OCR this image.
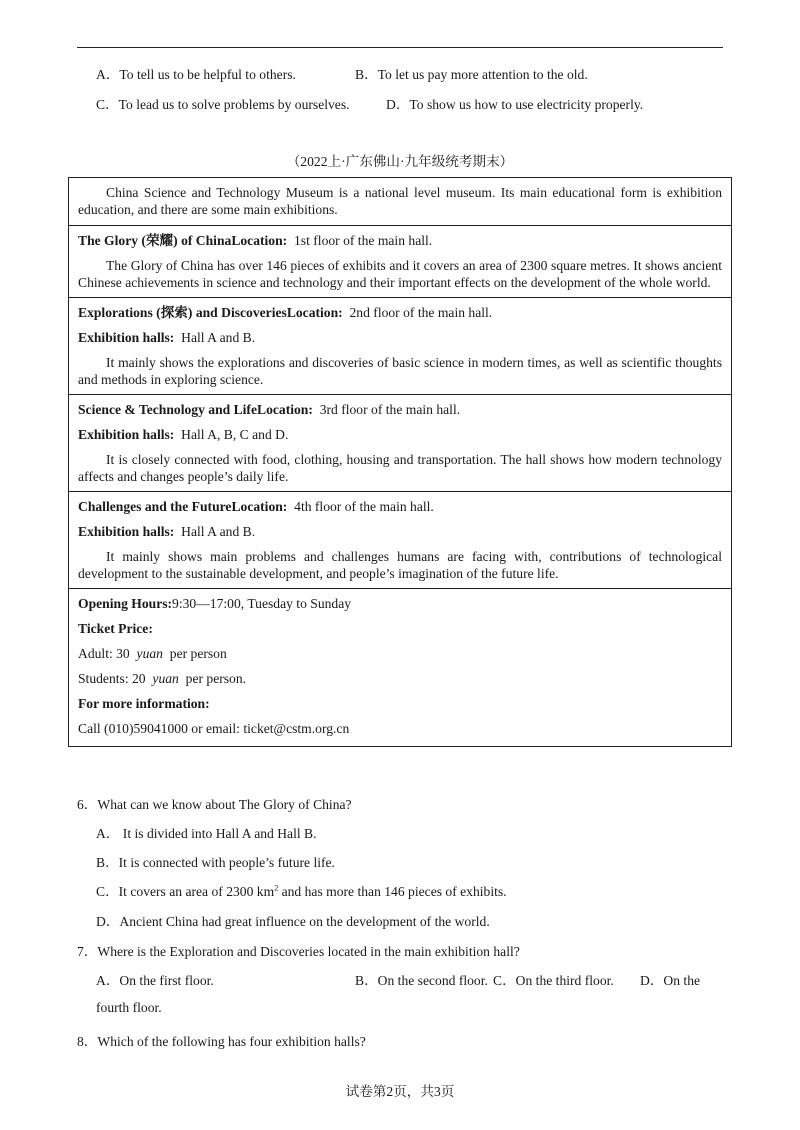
A．To tell us to be helpful to others.	B．To let us pay more attention to the old.
C．To lead us to solve problems by ourselves.	D．To show us how to use electricity properly.
（2022上·广东佛山·九年级统考期末）
China Science and Technology Museum is a national level museum. Its main educational form is exhibition education, and there are some main exhibitions.

The Glory (荣耀) of ChinaLocation: 1st floor of the main hall.
The Glory of China has over 146 pieces of exhibits and it covers an area of 2300 square metres. It shows ancient Chinese achievements in science and technology and their important effects on the development of the whole world.

Explorations (探索) and DiscoveriesLocation: 2nd floor of the main hall.
Exhibition halls: Hall A and B.
It mainly shows the explorations and discoveries of basic science in modern times, as well as scientific thoughts and methods in exploring science.

Science & Technology and LifeLocation: 3rd floor of the main hall.
Exhibition halls: Hall A, B, C and D.
It is closely connected with food, clothing, housing and transportation. The hall shows how modern technology affects and changes people’s daily life.

Challenges and the FutureLocation: 4th floor of the main hall.
Exhibition halls: Hall A and B.
It mainly shows main problems and challenges humans are facing with, contributions of technological development to the sustainable development, and people’s imagination of the future life.

Opening Hours:9:30—17:00, Tuesday to Sunday
Ticket Price:
Adult: 30 yuan per person
Students: 20 yuan per person.
For more information:
Call (010)59041000 or email: ticket@cstm.org.cn
6．What can we know about The Glory of China?
A． It is divided into Hall A and Hall B.
B．It is connected with people’s future life.
C．It covers an area of 2300 $km^2$ and has more than 146 pieces of exhibits.
D．Ancient China had great influence on the development of the world.
7．Where is the Exploration and Discoveries located in the main exhibition hall?
A．On the first floor.	B．On the second floor. C．On the third floor. D．On the
fourth floor.
8．Which of the following has four exhibition halls?
试卷第2页，共3页
